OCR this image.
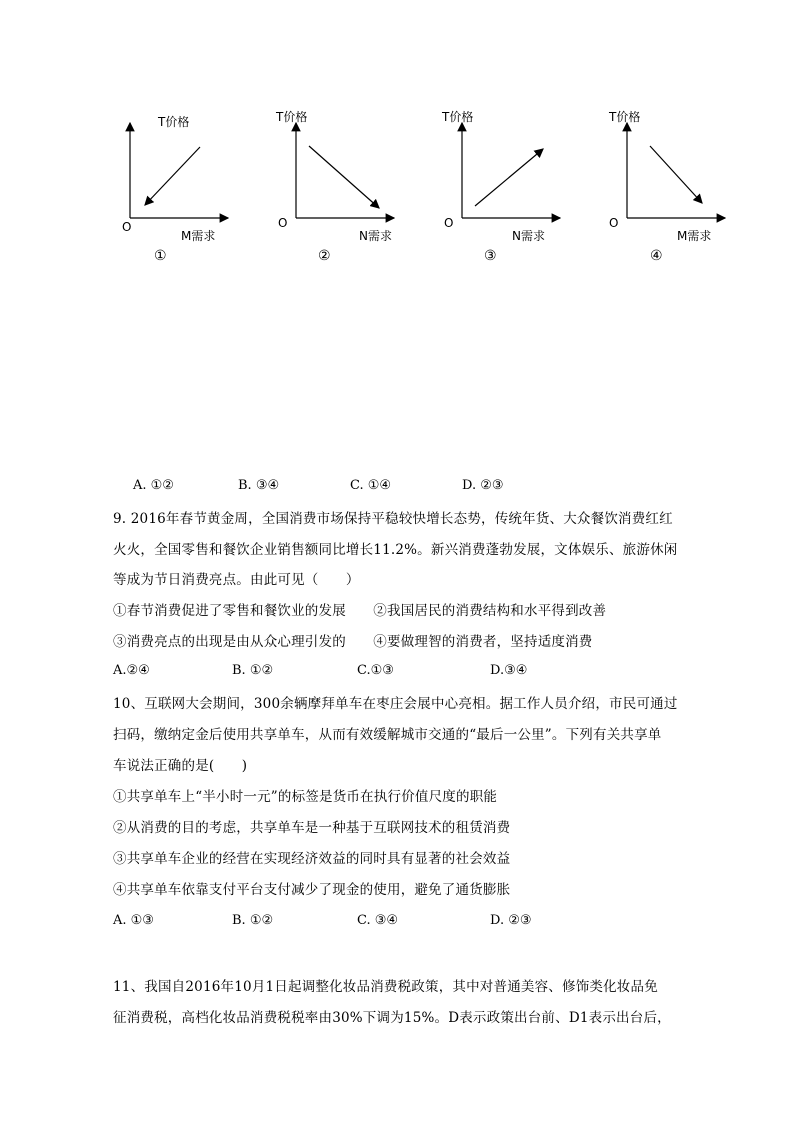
T价格
O
M需求
①
T价格
O
N需求
②
T价格
O
N需求
③
T价格
O
M需求
④
A. ①②	B. ③④	C. ①④	D. ②③
9. 2016年春节黄金周，全国消费市场保持平稳较快增长态势，传统年货、大众餐饮消费红红
火火，全国零售和餐饮企业销售额同比增长11.2%。新兴消费蓬勃发展，文体娱乐、旅游休闲
等成为节日消费亮点。由此可见（　　）
①春节消费促进了零售和餐饮业的发展　　②我国居民的消费结构和水平得到改善
③消费亮点的出现是由从众心理引发的　　④要做理智的消费者，坚持适度消费
A.②④	B. ①②	C.①③	D.③④
10、互联网大会期间，300余辆摩拜单车在枣庄会展中心亮相。据工作人员介绍，市民可通过
扫码，缴纳定金后使用共享单车，从而有效缓解城市交通的“最后一公里”。下列有关共享单
车说法正确的是(　　)
①共享单车上“半小时一元”的标签是货币在执行价值尺度的职能
②从消费的目的考虑，共享单车是一种基于互联网技术的租赁消费
③共享单车企业的经营在实现经济效益的同时具有显著的社会效益
④共享单车依靠支付平台支付减少了现金的使用，避免了通货膨胀
A. ①③	B. ①②	C. ③④	D. ②③
11、我国自2016年10月1日起调整化妆品消费税政策，其中对普通美容、修饰类化妆品免
征消费税，高档化妆品消费税税率由30%下调为15%。D表示政策出台前、D1表示出台后，
